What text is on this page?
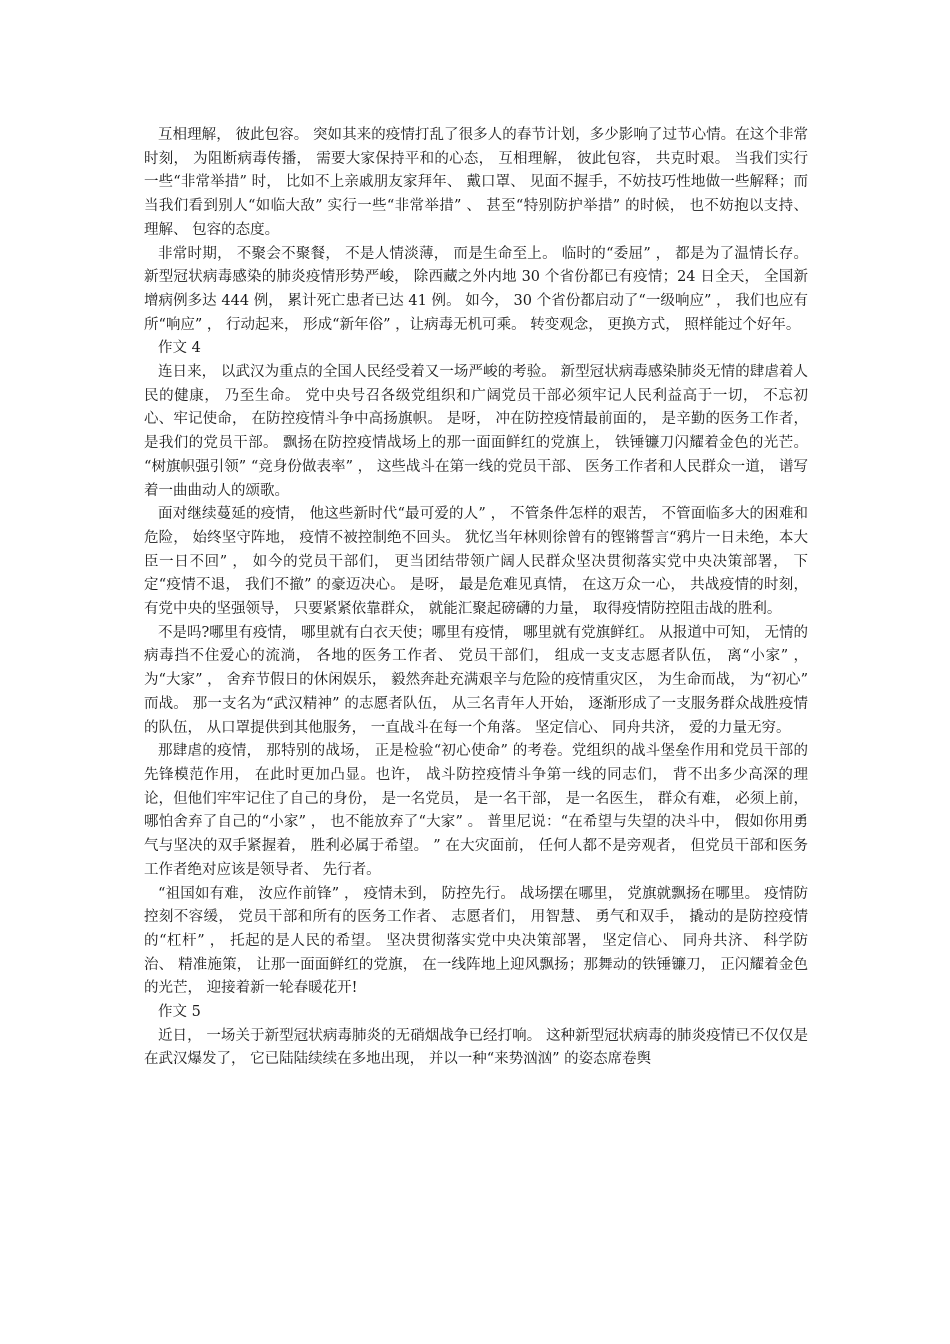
互相理解， 彼此包容。 突如其来的疫情打乱了很多人的春节计划，多少影响了过节心情。在这个非常时刻， 为阻断病毒传播， 需要大家保持平和的心态， 互相理解， 彼此包容， 共克时艰。 当我们实行一些“非常举措” 时， 比如不上亲戚朋友家拜年、 戴口罩、 见面不握手，不妨技巧性地做一些解释；而当我们看到别人“如临大敌” 实行一些“非常举措” 、 甚至“特别防护举措” 的时候， 也不妨抱以支持、 理解、 包容的态度。

非常时期， 不聚会不聚餐， 不是人情淡薄， 而是生命至上。 临时的“委屈” ， 都是为了温情长存。 新型冠状病毒感染的肺炎疫情形势严峻， 除西藏之外内地 30 个省份都已有疫情；24 日全天， 全国新增病例多达 444 例， 累计死亡患者已达 41 例。 如今， 30 个省份都启动了“一级响应” ， 我们也应有所“响应” ， 行动起来， 形成“新年俗” ，让病毒无机可乘。 转变观念， 更换方式， 照样能过个好年。

作文 4

连日来， 以武汉为重点的全国人民经受着又一场严峻的考验。 新型冠状病毒感染肺炎无情的肆虐着人民的健康， 乃至生命。 党中央号召各级党组织和广阔党员干部必须牢记人民利益高于一切， 不忘初心、牢记使命， 在防控疫情斗争中高扬旗帜。 是呀， 冲在防控疫情最前面的， 是辛勤的医务工作者， 是我们的党员干部。 飘扬在防控疫情战场上的那一面面鲜红的党旗上， 铁锤镰刀闪耀着金色的光芒。 “树旗帜强引领” “竞身份做表率” ， 这些战斗在第一线的党员干部、 医务工作者和人民群众一道， 谱写着一曲曲动人的颂歌。

面对继续蔓延的疫情， 他这些新时代“最可爱的人” ， 不管条件怎样的艰苦， 不管面临多大的困难和危险， 始终坚守阵地， 疫情不被控制绝不回头。 犹忆当年林则徐曾有的铿锵誓言“鸦片一日未绝，本大臣一日不回” ， 如今的党员干部们， 更当团结带领广阔人民群众坚决贯彻落实党中央决策部署， 下定“疫情不退， 我们不撤” 的豪迈决心。 是呀， 最是危难见真情， 在这万众一心， 共战疫情的时刻， 有党中央的坚强领导， 只要紧紧依靠群众， 就能汇聚起磅礴的力量， 取得疫情防控阻击战的胜利。

不是吗?哪里有疫情， 哪里就有白衣天使；哪里有疫情， 哪里就有党旗鲜红。 从报道中可知， 无情的病毒挡不住爱心的流淌， 各地的医务工作者、 党员干部们， 组成一支支志愿者队伍， 离“小家” ， 为“大家” ， 舍弃节假日的休闲娱乐， 毅然奔赴充满艰辛与危险的疫情重灾区， 为生命而战， 为“初心” 而战。 那一支名为“武汉精神” 的志愿者队伍， 从三名青年人开始， 逐渐形成了一支服务群众战胜疫情的队伍， 从口罩提供到其他服务， 一直战斗在每一个角落。 坚定信心、 同舟共济， 爱的力量无穷。

那肆虐的疫情， 那特别的战场， 正是检验“初心使命” 的考卷。党组织的战斗堡垒作用和党员干部的先锋模范作用， 在此时更加凸显。也许， 战斗防控疫情斗争第一线的同志们， 背不出多少高深的理论，但他们牢牢记住了自己的身份， 是一名党员， 是一名干部， 是一名医生， 群众有难， 必须上前， 哪怕舍弃了自己的“小家” ， 也不能放弃了“大家” 。 普里尼说：“在希望与失望的决斗中， 假如你用勇气与坚决的双手紧握着， 胜利必属于希望。 ” 在大灾面前， 任何人都不是旁观者， 但党员干部和医务工作者绝对应该是领导者、 先行者。

“祖国如有难， 汝应作前锋” ， 疫情未到， 防控先行。 战场摆在哪里， 党旗就飘扬在哪里。 疫情防控刻不容缓， 党员干部和所有的医务工作者、 志愿者们， 用智慧、 勇气和双手， 撬动的是防控疫情的“杠杆” ， 托起的是人民的希望。 坚决贯彻落实党中央决策部署， 坚定信心、 同舟共济、 科学防治、 精准施策， 让那一面面鲜红的党旗， 在一线阵地上迎风飘扬；那舞动的铁锤镰刀， 正闪耀着金色的光芒， 迎接着新一轮春暖花开!

作文 5

近日， 一场关于新型冠状病毒肺炎的无硝烟战争已经打响。 这种新型冠状病毒的肺炎疫情已不仅仅是在武汉爆发了， 它已陆陆续续在多地出现， 并以一种“来势汹汹” 的姿态席卷舆
